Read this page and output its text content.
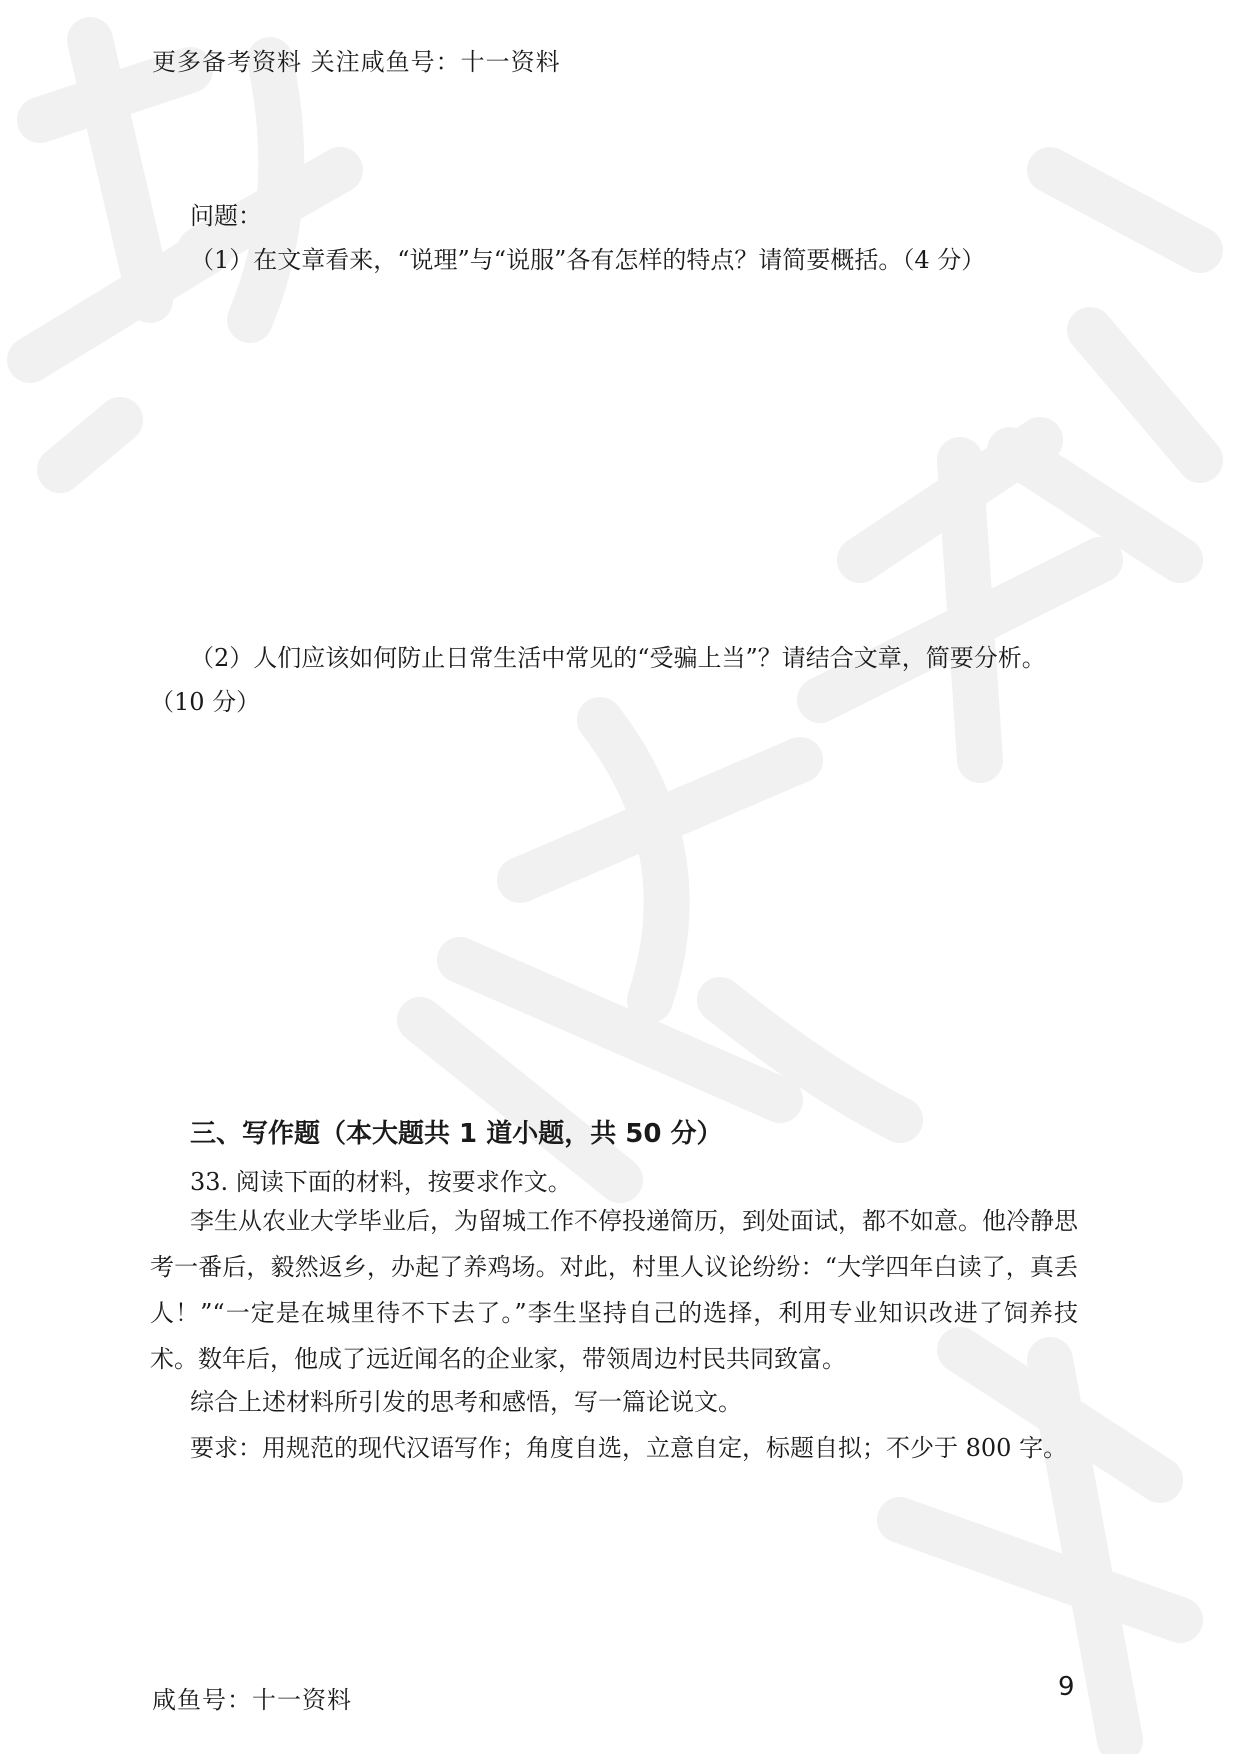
更多备考资料 关注咸鱼号：十一资料
问题：
（1）在文章看来，“说理”与“说服”各有怎样的特点？请简要概括。（4 分）
（2）人们应该如何防止日常生活中常见的“受骗上当”？请结合文章，简要分析。
（10 分）
三、写作题（本大题共 1 道小题，共 50 分）
33. 阅读下面的材料，按要求作文。
李生从农业大学毕业后，为留城工作不停投递简历，到处面试，都不如意。他冷静思考一番后，毅然返乡，办起了养鸡场。对此，村里人议论纷纷：“大学四年白读了，真丢人！”“一定是在城里待不下去了。”李生坚持自己的选择，利用专业知识改进了饲养技术。数年后，他成了远近闻名的企业家，带领周边村民共同致富。
综合上述材料所引发的思考和感悟，写一篇论说文。
要求：用规范的现代汉语写作；角度自选，立意自定，标题自拟；不少于 800 字。
咸鱼号：十一资料	9
